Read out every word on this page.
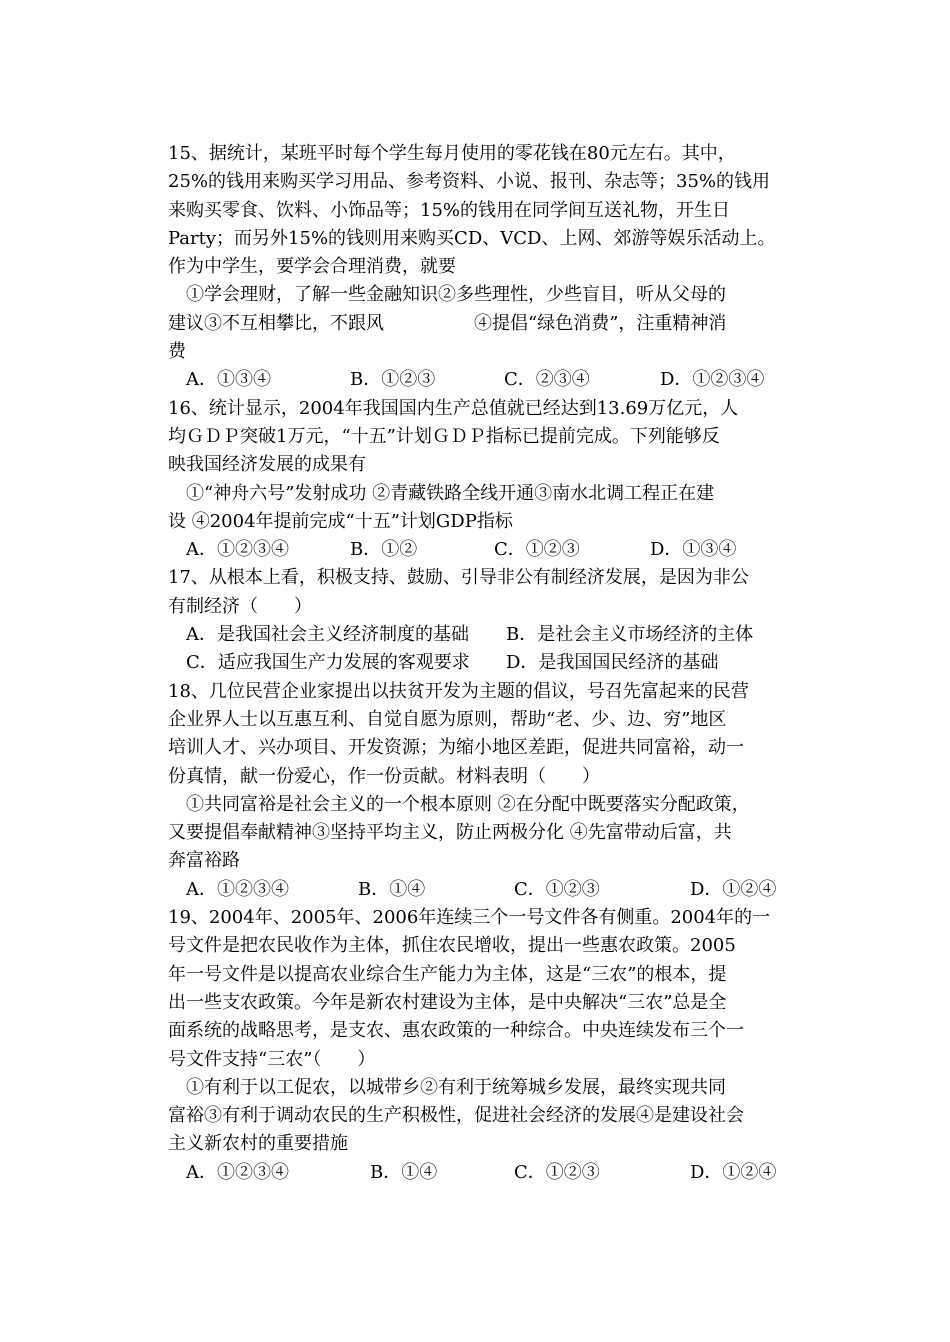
15、据统计，某班平时每个学生每月使用的零花钱在80元左右。其中，
25%的钱用来购买学习用品、参考资料、小说、报刊、杂志等；35%的钱用
来购买零食、饮料、小饰品等；15%的钱用在同学间互送礼物，开生日
Party；而另外15%的钱则用来购买CD、VCD、上网、郊游等娱乐活动上。
作为中学生，要学会合理消费，就要
①学会理财，了解一些金融知识②多些理性，少些盲目，听从父母的
建议③不互相攀比，不跟风　　　　　④提倡“绿色消费”，注重精神消
费
A．①③④	B．①②③	C．②③④	D．①②③④
16、统计显示，2004年我国国内生产总值就已经达到13.69万亿元，人
均ＧＤＰ突破1万元，“十五”计划ＧＤＰ指标已提前完成。下列能够反
映我国经济发展的成果有
①“神舟六号”发射成功 ②青藏铁路全线开通③南水北调工程正在建
设 ④2004年提前完成“十五”计划GDP指标
A．①②③④	B．①②	C．①②③	D．①③④
17、从根本上看，积极支持、鼓励、引导非公有制经济发展，是因为非公
有制经济（　　）
A．是我国社会主义经济制度的基础	B．是社会主义市场经济的主体
C．适应我国生产力发展的客观要求	D．是我国国民经济的基础
18、几位民营企业家提出以扶贫开发为主题的倡议，号召先富起来的民营
企业界人士以互惠互利、自觉自愿为原则，帮助“老、少、边、穷”地区
培训人才、兴办项目、开发资源；为缩小地区差距，促进共同富裕，动一
份真情，献一份爱心，作一份贡献。材料表明（　　）
①共同富裕是社会主义的一个根本原则 ②在分配中既要落实分配政策，
又要提倡奉献精神③坚持平均主义，防止两极分化 ④先富带动后富，共
奔富裕路
A．①②③④	B．①④	C．①②③	D．①②④
19、2004年、2005年、2006年连续三个一号文件各有侧重。2004年的一
号文件是把农民收作为主体，抓住农民增收，提出一些惠农政策。2005
年一号文件是以提高农业综合生产能力为主体，这是“三农”的根本，提
出一些支农政策。今年是新农村建设为主体，是中央解决“三农”总是全
面系统的战略思考，是支农、惠农政策的一种综合。中央连续发布三个一
号文件支持“三农”（　　）
①有利于以工促农，以城带乡②有利于统筹城乡发展，最终实现共同
富裕③有利于调动农民的生产积极性，促进社会经济的发展④是建设社会
主义新农村的重要措施
A．①②③④	B．①④	C．①②③	D．①②④
